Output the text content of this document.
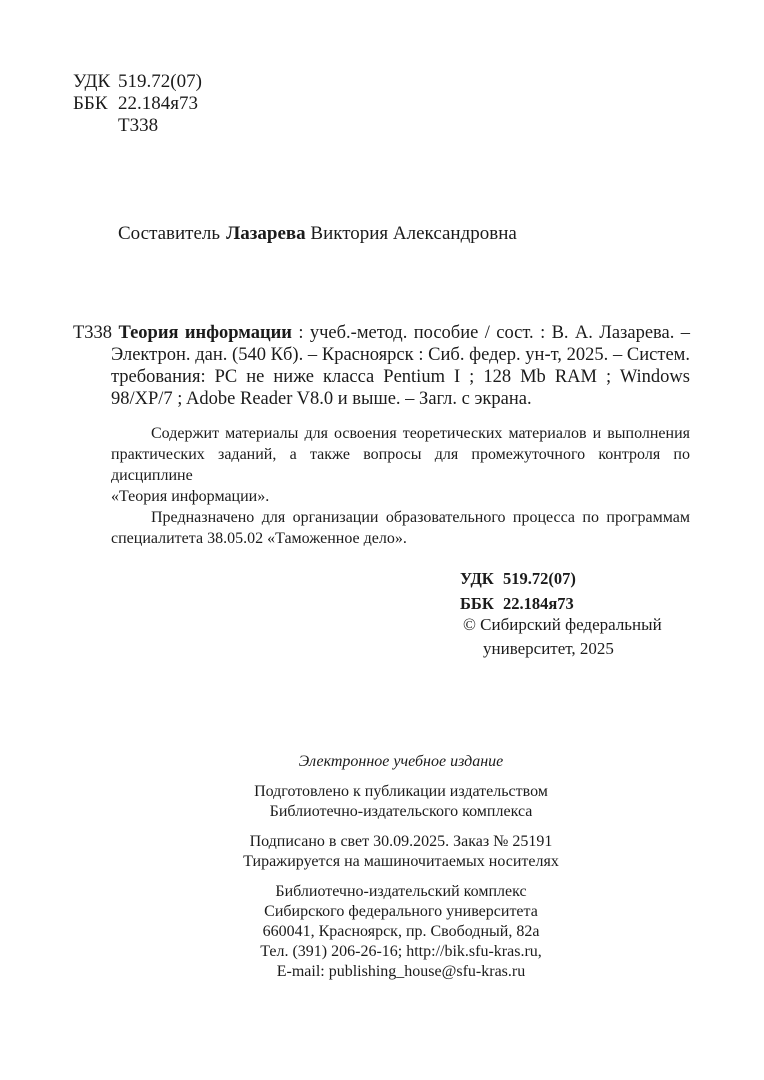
УДК 519.72(07)
ББК 22.184я73
Т338
Составитель Лазарева Виктория Александровна
Т338 Теория информации : учеб.-метод. пособие / сост. : В. А. Лазарева. –
Электрон. дан. (540 Кб). – Красноярск : Сиб. федер. ун-т, 2025. – Систем.
требования: PC не ниже класса Pentium I ; 128 Mb RAM ; Windows
98/XP/7 ; Adobe Reader V8.0 и выше. – Загл. с экрана.
Содержит материалы для освоения теоретических материалов и выполнения
практических заданий, а также вопросы для промежуточного контроля по дисциплине
«Теория информации».
Предназначено для организации образовательного процесса по программам
специалитета 38.05.02 «Таможенное дело».
УДК 519.72(07)
ББК 22.184я73
© Сибирский федеральный
университет, 2025
Электронное учебное издание
Подготовлено к публикации издательством
Библиотечно-издательского комплекса
Подписано в свет 30.09.2025. Заказ № 25191
Тиражируется на машиночитаемых носителях
Библиотечно-издательский комплекс
Сибирского федерального университета
660041, Красноярск, пр. Свободный, 82а
Тел. (391) 206-26-16; http://bik.sfu-kras.ru,
E-mail: publishing_house@sfu-kras.ru
